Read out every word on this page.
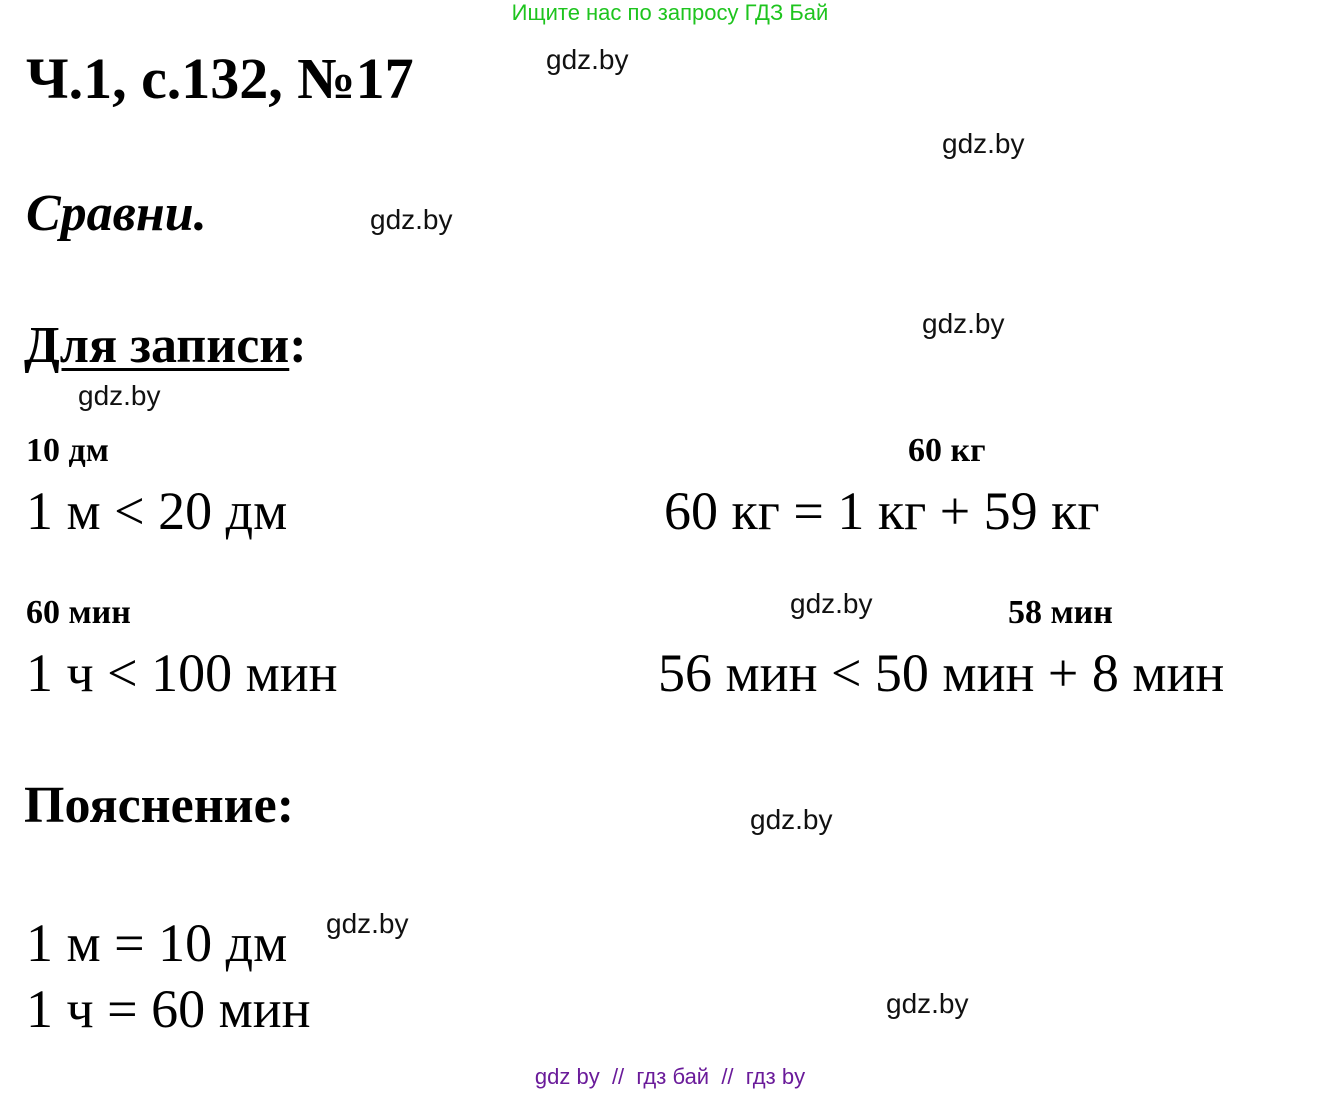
Ищите нас по запросу ГДЗ Бай
Ч.1, с.132, №17
Сравни.
Для записи:
10 дм
1 м < 20 дм
60 кг
60 кг = 1 кг + 59 кг
60 мин
1 ч < 100 мин
58 мин
56 мин < 50 мин + 8 мин
Пояснение:
1 м = 10 дм
1 ч = 60 мин
gdz.by
gdz.by
gdz.by
gdz.by
gdz.by
gdz.by
gdz.by
gdz.by
gdz.by
gdz by  //  гдз бай  //  гдз by
